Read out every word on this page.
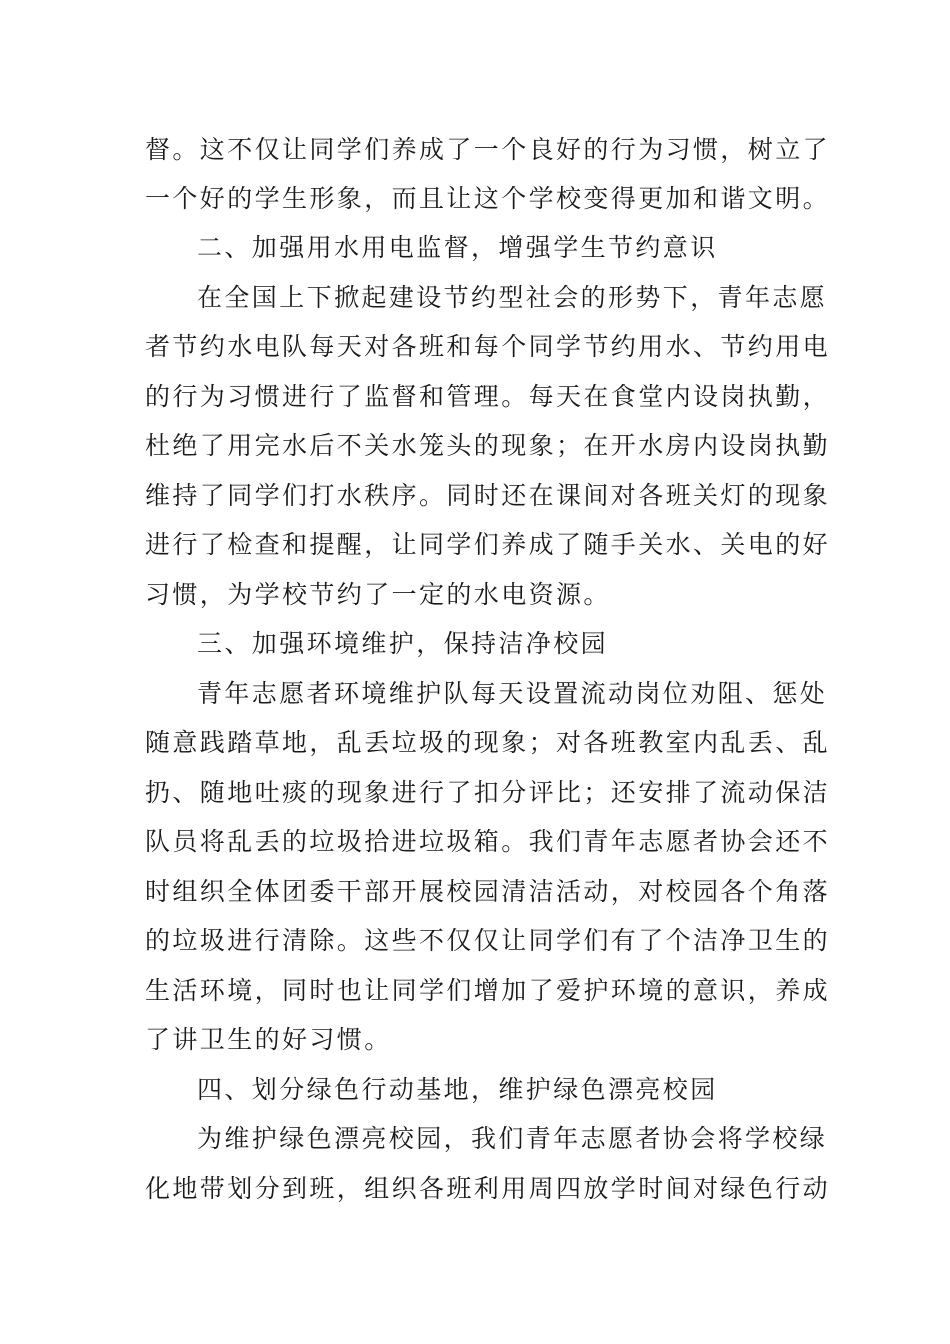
督。这不仅让同学们养成了一个良好的行为习惯，树立了
一个好的学生形象，而且让这个学校变得更加和谐文明。
二、加强用水用电监督，增强学生节约意识
在全国上下掀起建设节约型社会的形势下，青年志愿
者节约水电队每天对各班和每个同学节约用水、节约用电
的行为习惯进行了监督和管理。每天在食堂内设岗执勤，
杜绝了用完水后不关水笼头的现象；在开水房内设岗执勤
维持了同学们打水秩序。同时还在课间对各班关灯的现象
进行了检查和提醒，让同学们养成了随手关水、关电的好
习惯，为学校节约了一定的水电资源。
三、加强环境维护，保持洁净校园
青年志愿者环境维护队每天设置流动岗位劝阻、惩处
随意践踏草地，乱丢垃圾的现象；对各班教室内乱丢、乱
扔、随地吐痰的现象进行了扣分评比；还安排了流动保洁
队员将乱丢的垃圾拾进垃圾箱。我们青年志愿者协会还不
时组织全体团委干部开展校园清洁活动，对校园各个角落
的垃圾进行清除。这些不仅仅让同学们有了个洁净卫生的
生活环境，同时也让同学们增加了爱护环境的意识，养成
了讲卫生的好习惯。
四、划分绿色行动基地，维护绿色漂亮校园
为维护绿色漂亮校园，我们青年志愿者协会将学校绿
化地带划分到班，组织各班利用周四放学时间对绿色行动
